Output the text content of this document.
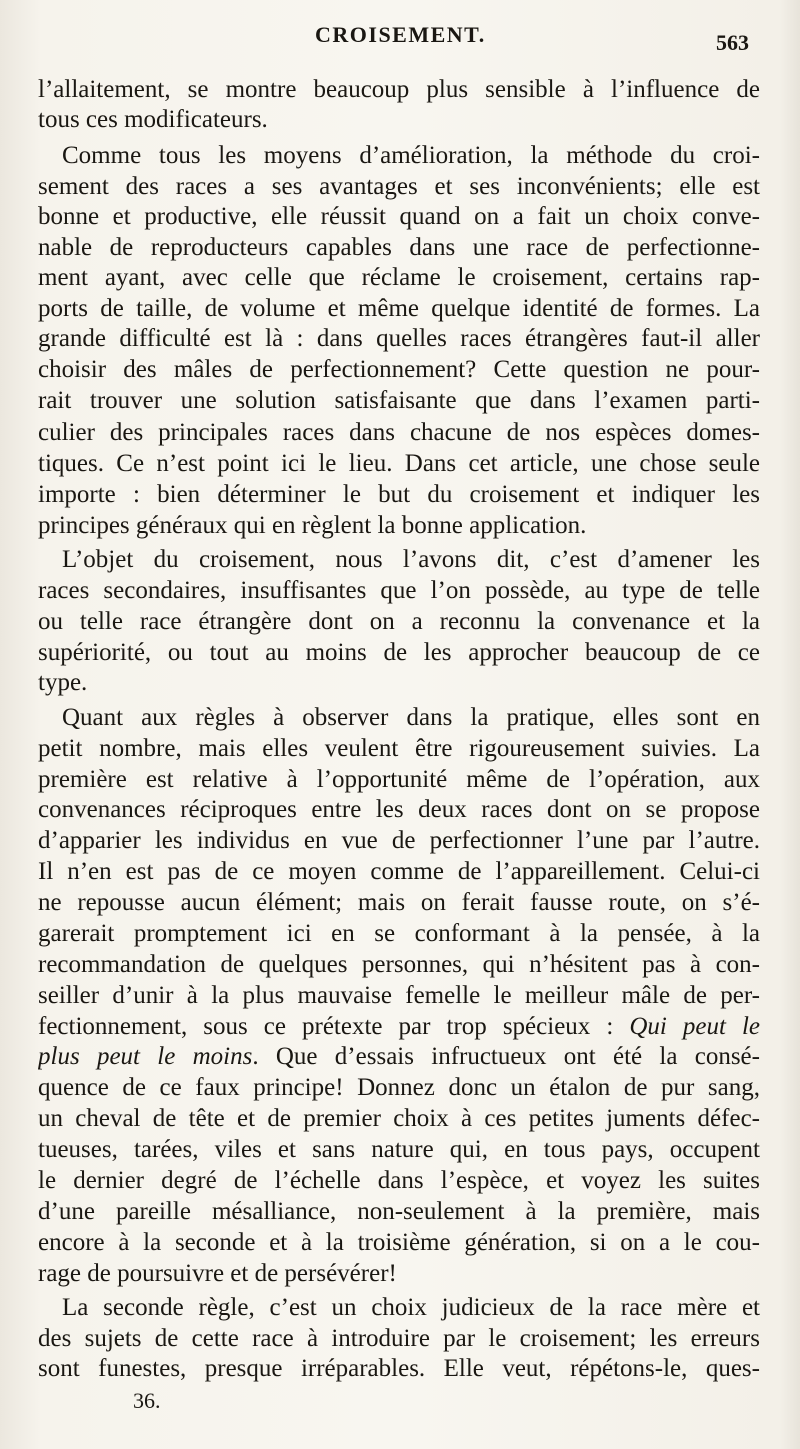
CROISEMENT.	563
l’allaitement, se montre beaucoup plus sensible à l’influence de
tous ces modificateurs.
Comme tous les moyens d’amélioration, la méthode du croi-
sement des races a ses avantages et ses inconvénients; elle est
bonne et productive, elle réussit quand on a fait un choix conve-
nable de reproducteurs capables dans une race de perfectionne-
ment ayant, avec celle que réclame le croisement, certains rap-
ports de taille, de volume et même quelque identité de formes. La
grande difficulté est là : dans quelles races étrangères faut-il aller
choisir des mâles de perfectionnement? Cette question ne pour-
rait trouver une solution satisfaisante que dans l’examen parti-
culier des principales races dans chacune de nos espèces domes-
tiques. Ce n’est point ici le lieu. Dans cet article, une chose seule
importe : bien déterminer le but du croisement et indiquer les
principes généraux qui en règlent la bonne application.
L’objet du croisement, nous l’avons dit, c’est d’amener les
races secondaires, insuffisantes que l’on possède, au type de telle
ou telle race étrangère dont on a reconnu la convenance et la
supériorité, ou tout au moins de les approcher beaucoup de ce
type.
Quant aux règles à observer dans la pratique, elles sont en
petit nombre, mais elles veulent être rigoureusement suivies. La
première est relative à l’opportunité même de l’opération, aux
convenances réciproques entre les deux races dont on se propose
d’apparier les individus en vue de perfectionner l’une par l’autre.
Il n’en est pas de ce moyen comme de l’appareillement. Celui-ci
ne repousse aucun élément; mais on ferait fausse route, on s’é-
garerait promptement ici en se conformant à la pensée, à la
recommandation de quelques personnes, qui n’hésitent pas à con-
seiller d’unir à la plus mauvaise femelle le meilleur mâle de per-
fectionnement, sous ce prétexte par trop spécieux : Qui peut le
plus peut le moins. Que d’essais infructueux ont été la consé-
quence de ce faux principe! Donnez donc un étalon de pur sang,
un cheval de tête et de premier choix à ces petites juments défec-
tueuses, tarées, viles et sans nature qui, en tous pays, occupent
le dernier degré de l’échelle dans l’espèce, et voyez les suites
d’une pareille mésalliance, non-seulement à la première, mais
encore à la seconde et à la troisième génération, si on a le cou-
rage de poursuivre et de persévérer!
La seconde règle, c’est un choix judicieux de la race mère et
des sujets de cette race à introduire par le croisement; les erreurs
sont funestes, presque irréparables. Elle veut, répétons-le, ques-
36.
